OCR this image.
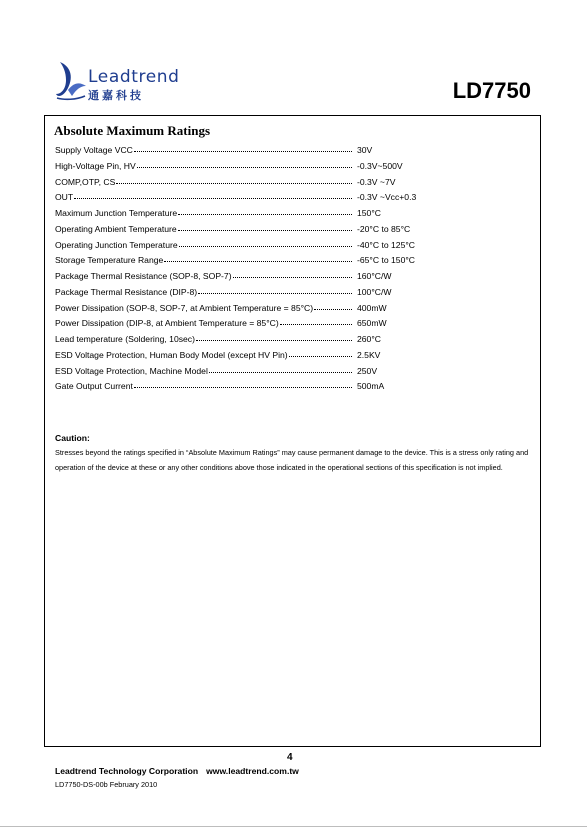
Leadtrend
通嘉科技	LD7750
Absolute Maximum Ratings
Supply Voltage VCC	30V
High-Voltage Pin, HV	-0.3V~500V
COMP,OTP, CS	-0.3V ~7V
OUT	-0.3V ~Vcc+0.3
Maximum Junction Temperature	150°C
Operating Ambient Temperature	-20°C to 85°C
Operating Junction Temperature	-40°C to 125°C
Storage Temperature Range	-65°C to 150°C
Package Thermal Resistance (SOP-8, SOP-7)	160°C/W
Package Thermal Resistance (DIP-8)	100°C/W
Power Dissipation (SOP-8, SOP-7, at Ambient Temperature = 85°C)	400mW
Power Dissipation (DIP-8, at Ambient Temperature = 85°C)	650mW
Lead temperature (Soldering, 10sec)	260°C
ESD Voltage Protection, Human Body Model (except HV Pin)	2.5KV
ESD Voltage Protection, Machine Model	250V
Gate Output Current	500mA
Caution:
Stresses beyond the ratings specified in “Absolute Maximum Ratings” may cause permanent damage to the device. This is a stress only rating and operation of the device at these or any other conditions above those indicated in the operational sections of this specification is not implied.
4
Leadtrend Technology Corporation www.leadtrend.com.tw
LD7750-DS-00b February 2010
